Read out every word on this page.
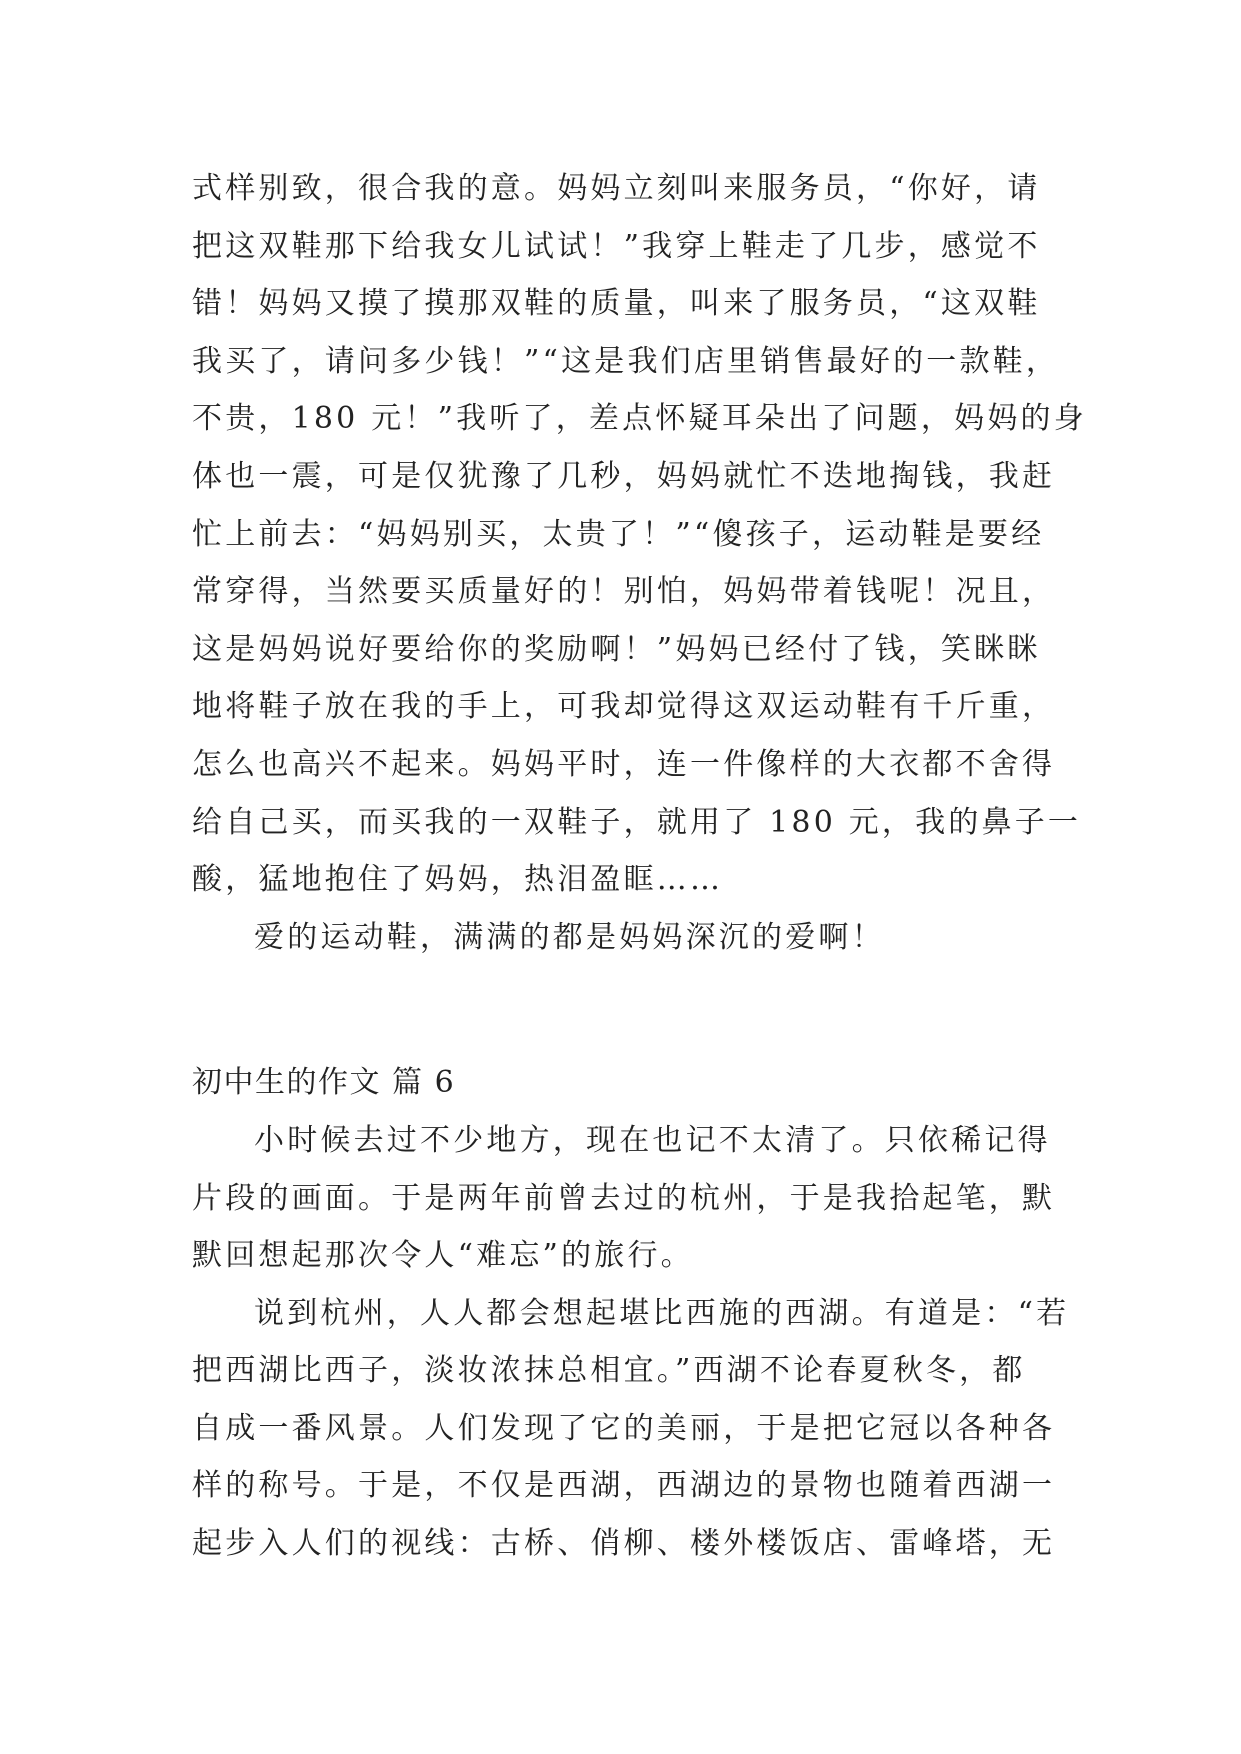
式样别致，很合我的意。妈妈立刻叫来服务员，“你好，请
把这双鞋那下给我女儿试试！”我穿上鞋走了几步，感觉不
错！妈妈又摸了摸那双鞋的质量，叫来了服务员，“这双鞋
我买了，请问多少钱！”“这是我们店里销售最好的一款鞋，
不贵，180 元！”我听了，差点怀疑耳朵出了问题，妈妈的身
体也一震，可是仅犹豫了几秒，妈妈就忙不迭地掏钱，我赶
忙上前去：“妈妈别买，太贵了！”“傻孩子，运动鞋是要经
常穿得，当然要买质量好的！别怕，妈妈带着钱呢！况且，
这是妈妈说好要给你的奖励啊！”妈妈已经付了钱，笑眯眯
地将鞋子放在我的手上，可我却觉得这双运动鞋有千斤重，
怎么也高兴不起来。妈妈平时，连一件像样的大衣都不舍得
给自己买，而买我的一双鞋子，就用了 180 元，我的鼻子一
酸，猛地抱住了妈妈，热泪盈眶……
爱的运动鞋，满满的都是妈妈深沉的爱啊！
初中生的作文 篇 6
小时候去过不少地方，现在也记不太清了。只依稀记得
片段的画面。于是两年前曾去过的杭州，于是我拾起笔，默
默回想起那次令人“难忘”的旅行。
说到杭州，人人都会想起堪比西施的西湖。有道是：“若
把西湖比西子，淡妆浓抹总相宜。”西湖不论春夏秋冬，都
自成一番风景。人们发现了它的美丽，于是把它冠以各种各
样的称号。于是，不仅是西湖，西湖边的景物也随着西湖一
起步入人们的视线：古桥、俏柳、楼外楼饭店、雷峰塔，无
